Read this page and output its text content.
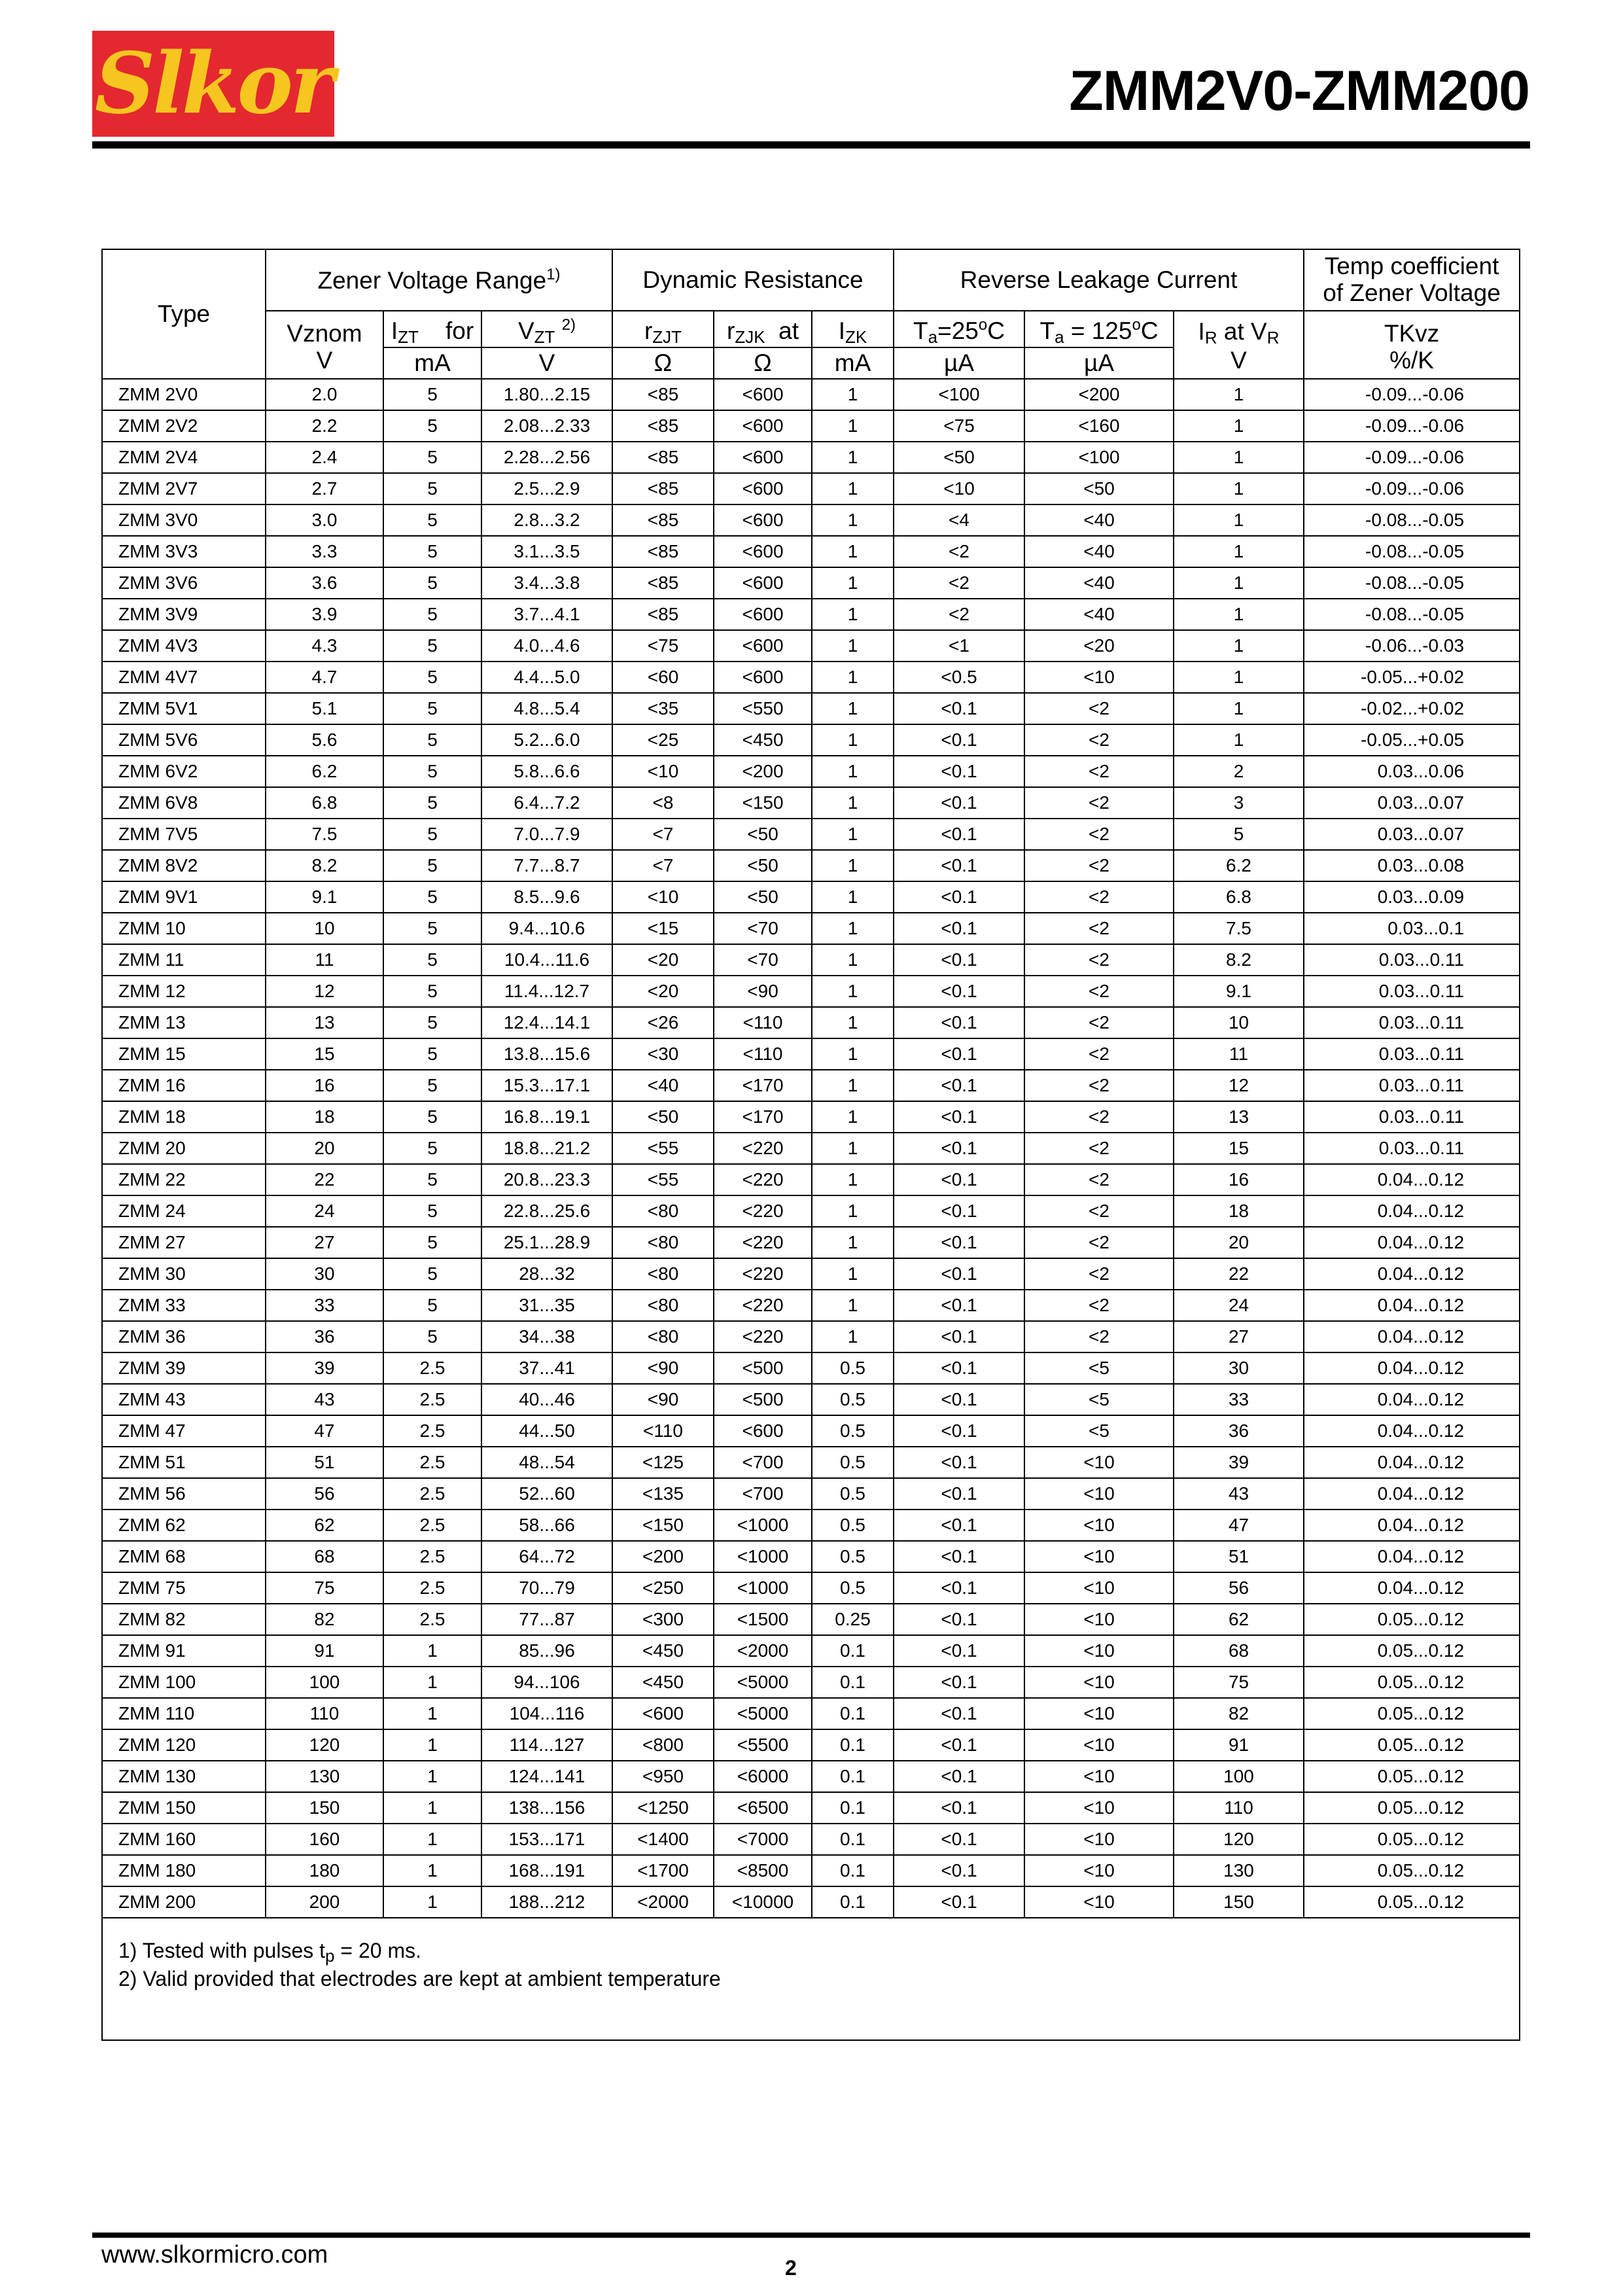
Slkor	ZMM2V0-ZMM200
Type	Zener Voltage Range$^{1)}$			Dynamic Resistance			Reverse Leakage Current			Temp coefficient
of Zener Voltage
	Vznom	$I_{ZT}$ for	$V_{ZT}$ $^{2)}$	$r_{ZJT}$	$r_{ZJK}$ at	$I_{ZK}$	$T_a=25^oC$	$T_a = 125^oC$	$I_R$ at $V_R$	TKvz
	V	mA	V	Ω	Ω	mA	µA	µA	V	%/K
ZMM 2V0	2.0	5	1.80...2.15	<85	<600	1	<100	<200	1	-0.09...-0.06
ZMM 2V2	2.2	5	2.08...2.33	<85	<600	1	<75	<160	1	-0.09...-0.06
ZMM 2V4	2.4	5	2.28...2.56	<85	<600	1	<50	<100	1	-0.09...-0.06
ZMM 2V7	2.7	5	2.5...2.9	<85	<600	1	<10	<50	1	-0.09...-0.06
ZMM 3V0	3.0	5	2.8...3.2	<85	<600	1	<4	<40	1	-0.08...-0.05
ZMM 3V3	3.3	5	3.1...3.5	<85	<600	1	<2	<40	1	-0.08...-0.05
ZMM 3V6	3.6	5	3.4...3.8	<85	<600	1	<2	<40	1	-0.08...-0.05
ZMM 3V9	3.9	5	3.7...4.1	<85	<600	1	<2	<40	1	-0.08...-0.05
ZMM 4V3	4.3	5	4.0...4.6	<75	<600	1	<1	<20	1	-0.06...-0.03
ZMM 4V7	4.7	5	4.4...5.0	<60	<600	1	<0.5	<10	1	-0.05...+0.02
ZMM 5V1	5.1	5	4.8...5.4	<35	<550	1	<0.1	<2	1	-0.02...+0.02
ZMM 5V6	5.6	5	5.2...6.0	<25	<450	1	<0.1	<2	1	-0.05...+0.05
ZMM 6V2	6.2	5	5.8...6.6	<10	<200	1	<0.1	<2	2	0.03...0.06
ZMM 6V8	6.8	5	6.4...7.2	<8	<150	1	<0.1	<2	3	0.03...0.07
ZMM 7V5	7.5	5	7.0...7.9	<7	<50	1	<0.1	<2	5	0.03...0.07
ZMM 8V2	8.2	5	7.7...8.7	<7	<50	1	<0.1	<2	6.2	0.03...0.08
ZMM 9V1	9.1	5	8.5...9.6	<10	<50	1	<0.1	<2	6.8	0.03...0.09
ZMM 10	10	5	9.4...10.6	<15	<70	1	<0.1	<2	7.5	0.03...0.1
ZMM 11	11	5	10.4...11.6	<20	<70	1	<0.1	<2	8.2	0.03...0.11
ZMM 12	12	5	11.4...12.7	<20	<90	1	<0.1	<2	9.1	0.03...0.11
ZMM 13	13	5	12.4...14.1	<26	<110	1	<0.1	<2	10	0.03...0.11
ZMM 15	15	5	13.8...15.6	<30	<110	1	<0.1	<2	11	0.03...0.11
ZMM 16	16	5	15.3...17.1	<40	<170	1	<0.1	<2	12	0.03...0.11
ZMM 18	18	5	16.8...19.1	<50	<170	1	<0.1	<2	13	0.03...0.11
ZMM 20	20	5	18.8...21.2	<55	<220	1	<0.1	<2	15	0.03...0.11
ZMM 22	22	5	20.8...23.3	<55	<220	1	<0.1	<2	16	0.04...0.12
ZMM 24	24	5	22.8...25.6	<80	<220	1	<0.1	<2	18	0.04...0.12
ZMM 27	27	5	25.1...28.9	<80	<220	1	<0.1	<2	20	0.04...0.12
ZMM 30	30	5	28...32	<80	<220	1	<0.1	<2	22	0.04...0.12
ZMM 33	33	5	31...35	<80	<220	1	<0.1	<2	24	0.04...0.12
ZMM 36	36	5	34...38	<80	<220	1	<0.1	<2	27	0.04...0.12
ZMM 39	39	2.5	37...41	<90	<500	0.5	<0.1	<5	30	0.04...0.12
ZMM 43	43	2.5	40...46	<90	<500	0.5	<0.1	<5	33	0.04...0.12
ZMM 47	47	2.5	44...50	<110	<600	0.5	<0.1	<5	36	0.04...0.12
ZMM 51	51	2.5	48...54	<125	<700	0.5	<0.1	<10	39	0.04...0.12
ZMM 56	56	2.5	52...60	<135	<700	0.5	<0.1	<10	43	0.04...0.12
ZMM 62	62	2.5	58...66	<150	<1000	0.5	<0.1	<10	47	0.04...0.12
ZMM 68	68	2.5	64...72	<200	<1000	0.5	<0.1	<10	51	0.04...0.12
ZMM 75	75	2.5	70...79	<250	<1000	0.5	<0.1	<10	56	0.04...0.12
ZMM 82	82	2.5	77...87	<300	<1500	0.25	<0.1	<10	62	0.05...0.12
ZMM 91	91	1	85...96	<450	<2000	0.1	<0.1	<10	68	0.05...0.12
ZMM 100	100	1	94...106	<450	<5000	0.1	<0.1	<10	75	0.05...0.12
ZMM 110	110	1	104...116	<600	<5000	0.1	<0.1	<10	82	0.05...0.12
ZMM 120	120	1	114...127	<800	<5500	0.1	<0.1	<10	91	0.05...0.12
ZMM 130	130	1	124...141	<950	<6000	0.1	<0.1	<10	100	0.05...0.12
ZMM 150	150	1	138...156	<1250	<6500	0.1	<0.1	<10	110	0.05...0.12
ZMM 160	160	1	153...171	<1400	<7000	0.1	<0.1	<10	120	0.05...0.12
ZMM 180	180	1	168...191	<1700	<8500	0.1	<0.1	<10	130	0.05...0.12
ZMM 200	200	1	188...212	<2000	<10000	0.1	<0.1	<10	150	0.05...0.12

1) Tested with pulses $t_p = 20$ ms.
2) Valid provided that electrodes are kept at ambient temperature										
www.slkormicro.com	2
